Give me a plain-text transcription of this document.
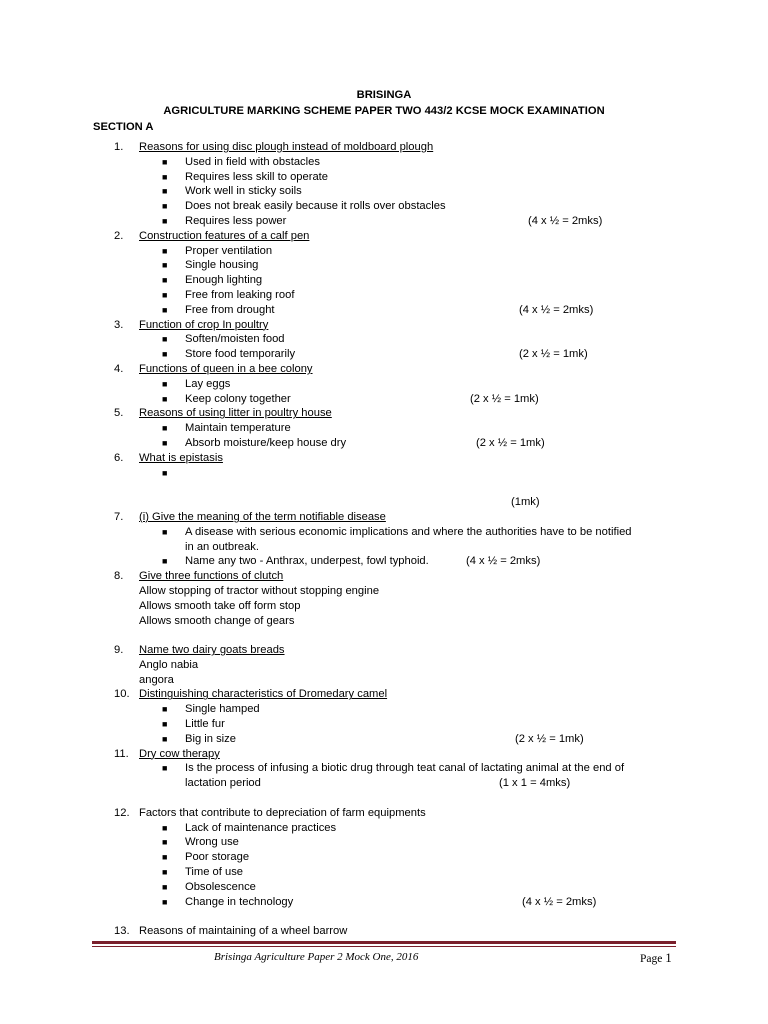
BRISINGA
AGRICULTURE MARKING SCHEME PAPER TWO 443/2 KCSE MOCK EXAMINATION
SECTION A
1. Reasons for using disc plough instead of moldboard plough
■ Used in field with obstacles
■ Requires less skill to operate
■ Work well in sticky soils
■ Does not break easily because it rolls over obstacles
■ Requires less power	(4 x ½ = 2mks)
2. Construction features of a calf pen
■ Proper ventilation
■ Single housing
■ Enough lighting
■ Free from leaking roof
■ Free from drought	(4 x ½ = 2mks)
3. Function of crop In poultry
■ Soften/moisten food
■ Store food temporarily	(2 x ½ = 1mk)
4. Functions of queen in a bee colony
■ Lay eggs
■ Keep colony together	(2 x ½ = 1mk)
5. Reasons of using litter in poultry house
■ Maintain temperature
■ Absorb moisture/keep house dry	(2 x ½ = 1mk)
6. What is epistasis
■
(1mk)
7. (i) Give the meaning of the term notifiable disease
■ A disease with serious economic implications and where the authorities have to be notified
in an outbreak.
■ Name any two - Anthrax, underpest, fowl typhoid.	(4 x ½ = 2mks)
8. Give three functions of clutch
Allow stopping of tractor without stopping engine
Allows smooth take off form stop
Allows smooth change of gears
9. Name two dairy goats breads
Anglo nabia
angora
10. Distinguishing characteristics of Dromedary camel
■ Single hamped
■ Little fur
■ Big in size	(2 x ½ = 1mk)
11. Dry cow therapy
■ Is the process of infusing a biotic drug through teat canal of lactating animal at the end of
lactation period	(1 x 1 = 4mks)
12. Factors that contribute to depreciation of farm equipments
■ Lack of maintenance practices
■ Wrong use
■ Poor storage
■ Time of use
■ Obsolescence
■ Change in technology	(4 x ½ = 2mks)
13. Reasons of maintaining of a wheel barrow
Brisinga Agriculture Paper 2 Mock One, 2016	Page 1
